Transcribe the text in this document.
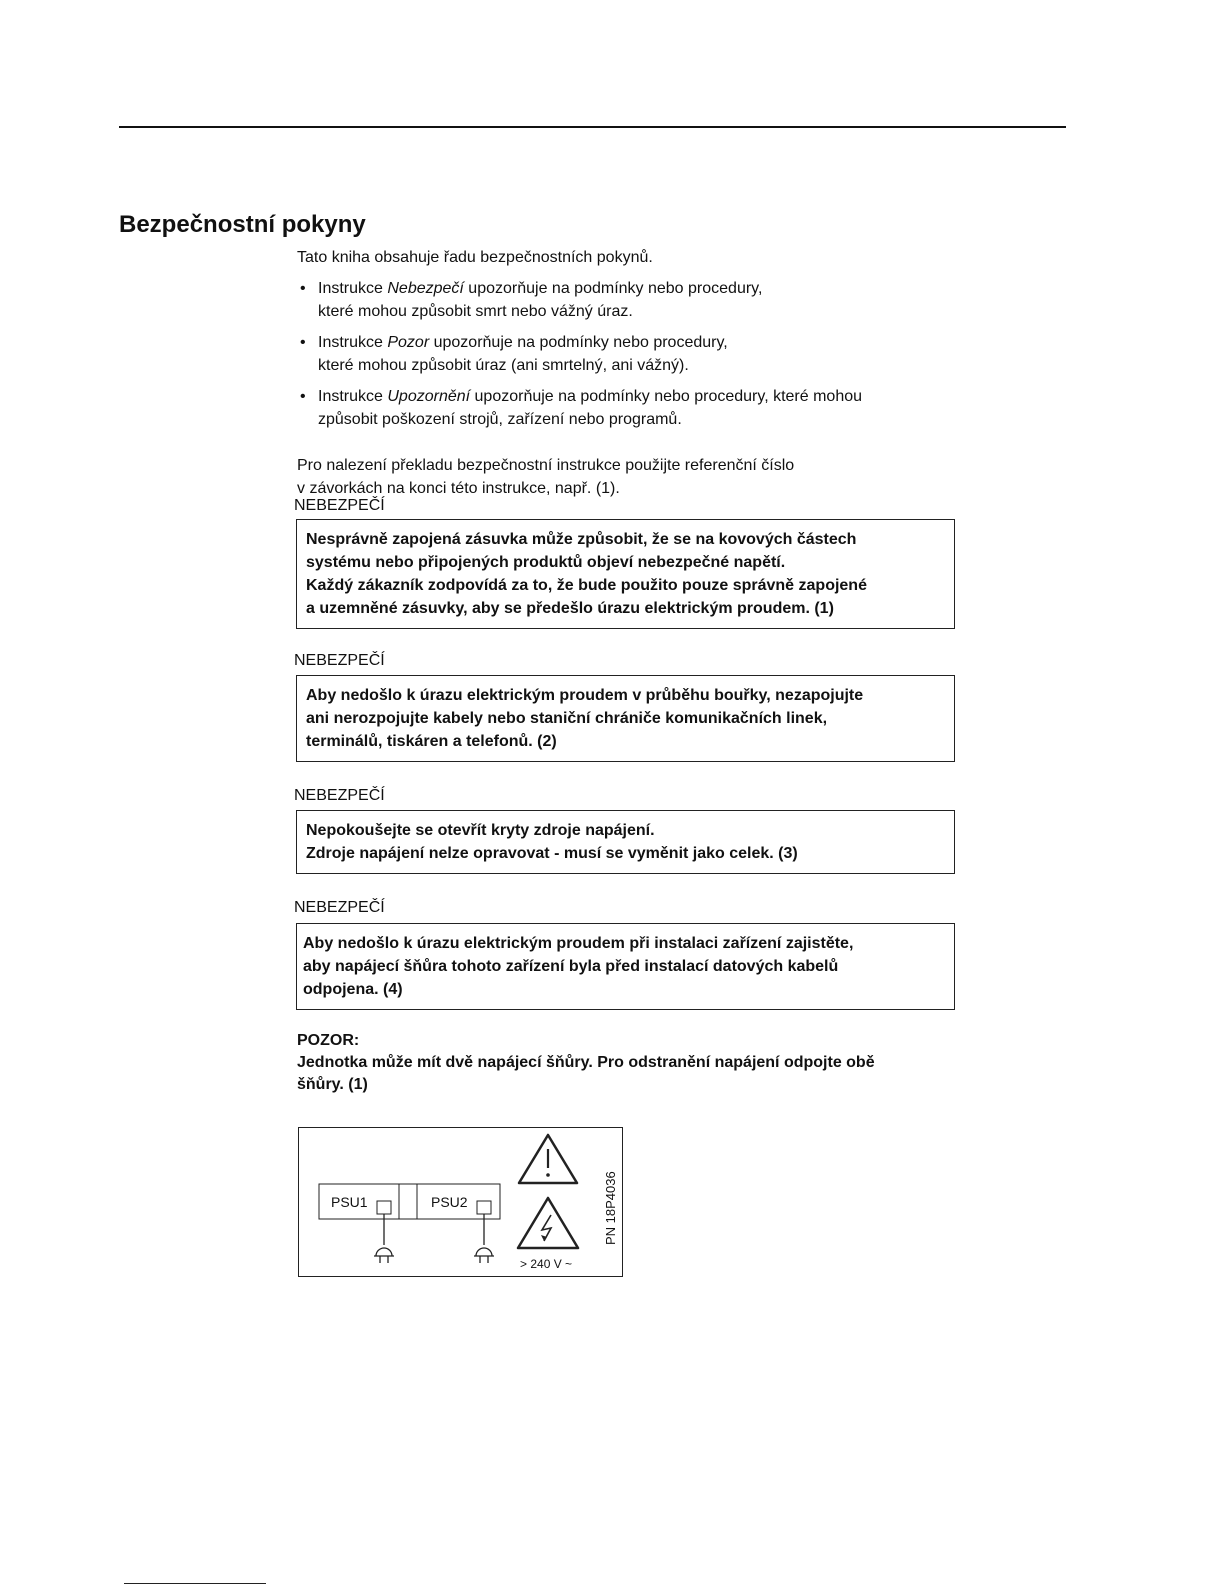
Bezpečnostní pokyny

Tato kniha obsahuje řadu bezpečnostních pokynů.

• Instrukce Nebezpečí upozorňuje na podmínky nebo procedury,
které mohou způsobit smrt nebo vážný úraz.
• Instrukce Pozor upozorňuje na podmínky nebo procedury,
které mohou způsobit úraz (ani smrtelný, ani vážný).
• Instrukce Upozornění upozorňuje na podmínky nebo procedury, které mohou
způsobit poškození strojů, zařízení nebo programů.

Pro nalezení překladu bezpečnostní instrukce použijte referenční číslo
v závorkách na konci této instrukce, např. (1).

NEBEZPEČÍ

Nesprávně zapojená zásuvka může způsobit, že se na kovových částech

systému nebo připojených produktů objeví nebezpečné napětí.

Každý zákazník zodpovídá za to, že bude použito pouze správně zapojené

a uzemněné zásuvky, aby se předešlo úrazu elektrickým proudem. (1)

NEBEZPEČÍ

Aby nedošlo k úrazu elektrickým proudem v průběhu bouřky, nezapojujte

ani nerozpojujte kabely nebo staniční chrániče komunikačních linek,

terminálů, tiskáren a telefonů. (2)

NEBEZPEČÍ

Nepokoušejte se otevřít kryty zdroje napájení.

Zdroje napájení nelze opravovat - musí se vyměnit jako celek. (3)

NEBEZPEČÍ

Aby nedošlo k úrazu elektrickým proudem při instalaci zařízení zajistěte,

aby napájecí šňůra tohoto zařízení byla před instalací datových kabelů

odpojena. (4)

POZOR:

Jednotka může mít dvě napájecí šňůry. Pro odstranění napájení odpojte obě

šňůry. (1)

PSU1	PSU2
> 240 V ~
PN 18P4036
